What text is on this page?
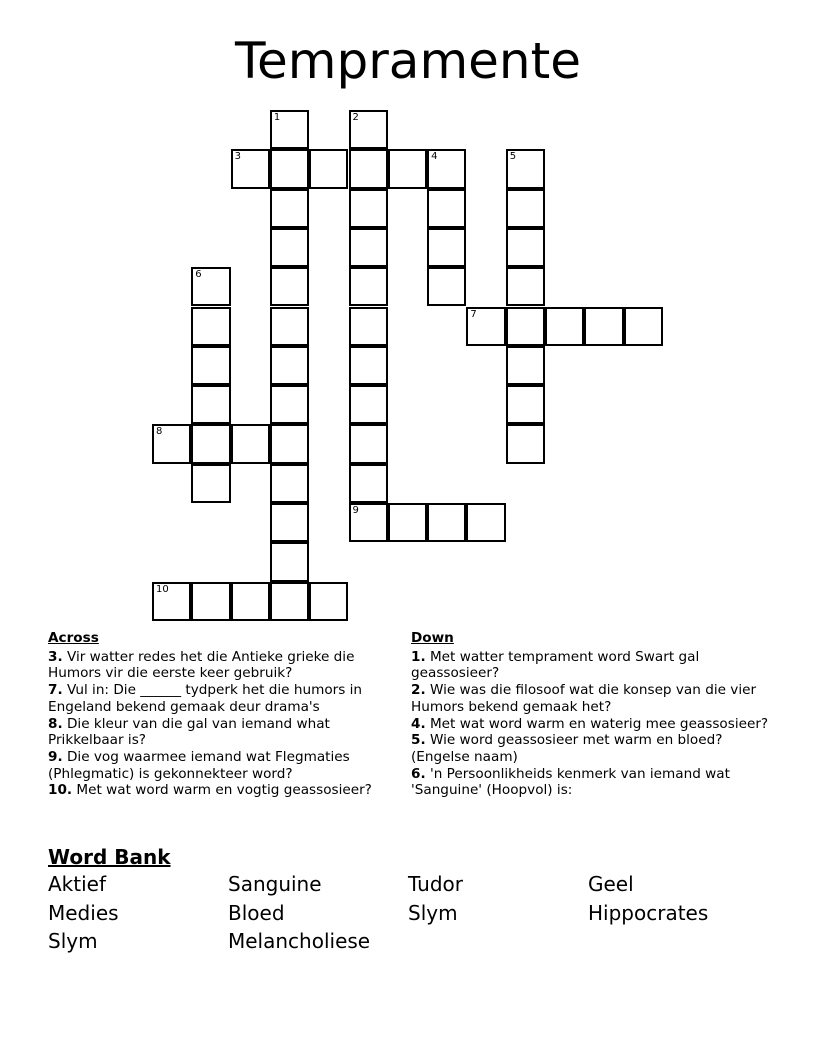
Tempramente
1	2
9
3	4	5
6
7
8
10
Across
3. Vir watter redes het die Antieke grieke die Humors vir die eerste keer gebruik?
7. Vul in: Die ______ tydperk het die humors in Engeland bekend gemaak deur drama's
8. Die kleur van die gal van iemand what Prikkelbaar is?
9. Die vog waarmee iemand wat Flegmaties (Phlegmatic) is gekonnekteer word?
10. Met wat word warm en vogtig geassosieer?
Down
1. Met watter temprament word Swart gal geassosieer?
2. Wie was die filosoof wat die konsep van die vier Humors bekend gemaak het?
4. Met wat word warm en waterig mee geassosieer?
5. Wie word geassosieer met warm en bloed? (Engelse naam)
6. 'n Persoonlikheids kenmerk van iemand wat 'Sanguine' (Hoopvol) is:
Word Bank
Aktief	Sanguine	Tudor	Geel
Medies	Bloed	Slym	Hippocrates
Slym	Melancholiese
